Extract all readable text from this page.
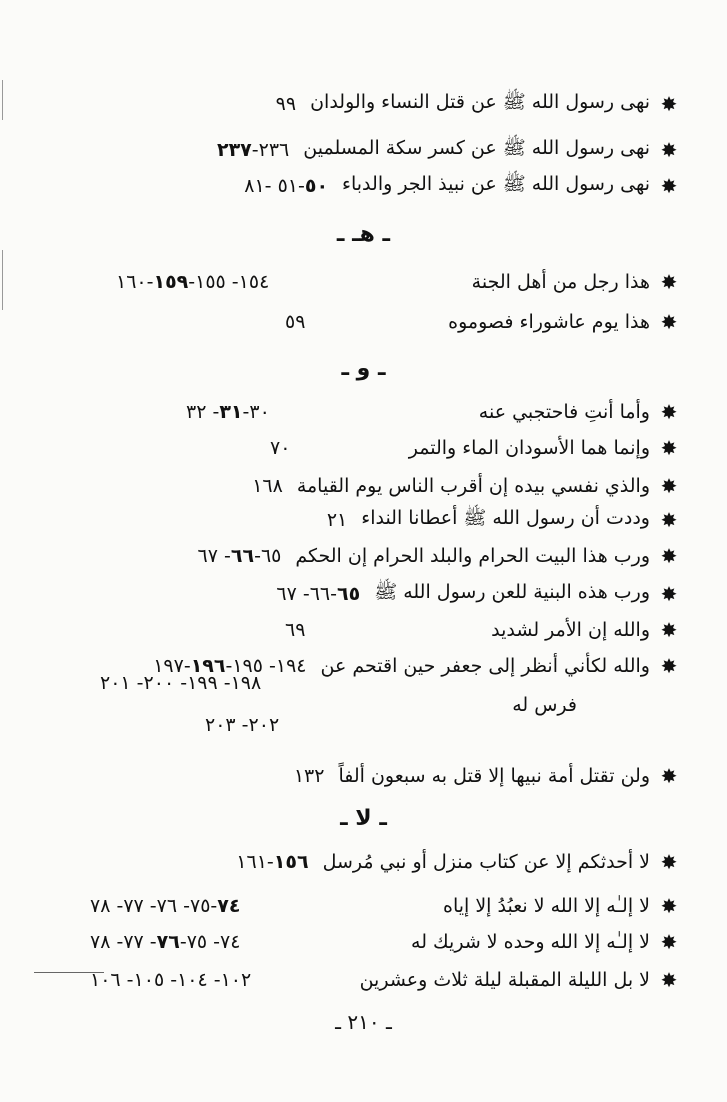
✸
نهى رسول الله ﷺ عن قتل النساء والولدان
٩٩
✸
نهى رسول الله ﷺ عن كسر سكة المسلمين
٢٣٦-٢٣٧
✸
نهى رسول الله ﷺ عن نبيذ الجر والدباء
٥٠-٥١ -٨١
ـ هـ ـ
✸
هذا رجل من أهل الجنة
١٥٤- ١٥٥-١٥٩-١٦٠
✸
هذا يوم عاشوراء فصوموه
٥٩
ـ و ـ
✸
وأما أنتِ فاحتجبي عنه
٣٠-٣١- ٣٢
✸
وإنما هما الأسودان الماء والتمر
٧٠
✸
والذي نفسي بيده إن أقرب الناس يوم القيامة
١٦٨
✸
وددت أن رسول الله ﷺ أعطانا النداء
٢١
✸
ورب هذا البيت الحرام والبلد الحرام إن الحكم
٦٥-٦٦- ٦٧
✸
ورب هذه البنية للعن رسول الله ﷺ
٦٥-٦٦- ٦٧
✸
والله إن الأمر لشديد
٦٩
✸
والله لكأني أنظر إلى جعفر حين اقتحم عن
١٩٤- ١٩٥-١٩٦-١٩٧
١٩٨- ١٩٩- ٢٠٠- ٢٠١
فرس له
٢٠٢- ٢٠٣
✸
ولن تقتل أمة نبيها إلا قتل به سبعون ألفاً
١٣٢
ـ لا ـ
✸
لا أحدثكم إلا عن كتاب منزل أو نبي مُرسل
١٥٦-١٦١
✸
لا إلـٰه إلا الله لا نعبُدُ إلا إياه
٧٤-٧٥- ٧٦- ٧٧- ٧٨
✸
لا إلـٰه إلا الله وحده لا شريك له
٧٤- ٧٥-٧٦- ٧٧- ٧٨
✸
لا بل الليلة المقبلة ليلة ثلاث وعشرين
١٠٢- ١٠٤- ١٠٥- ١٠٦
ـ ٢١٠ ـ
